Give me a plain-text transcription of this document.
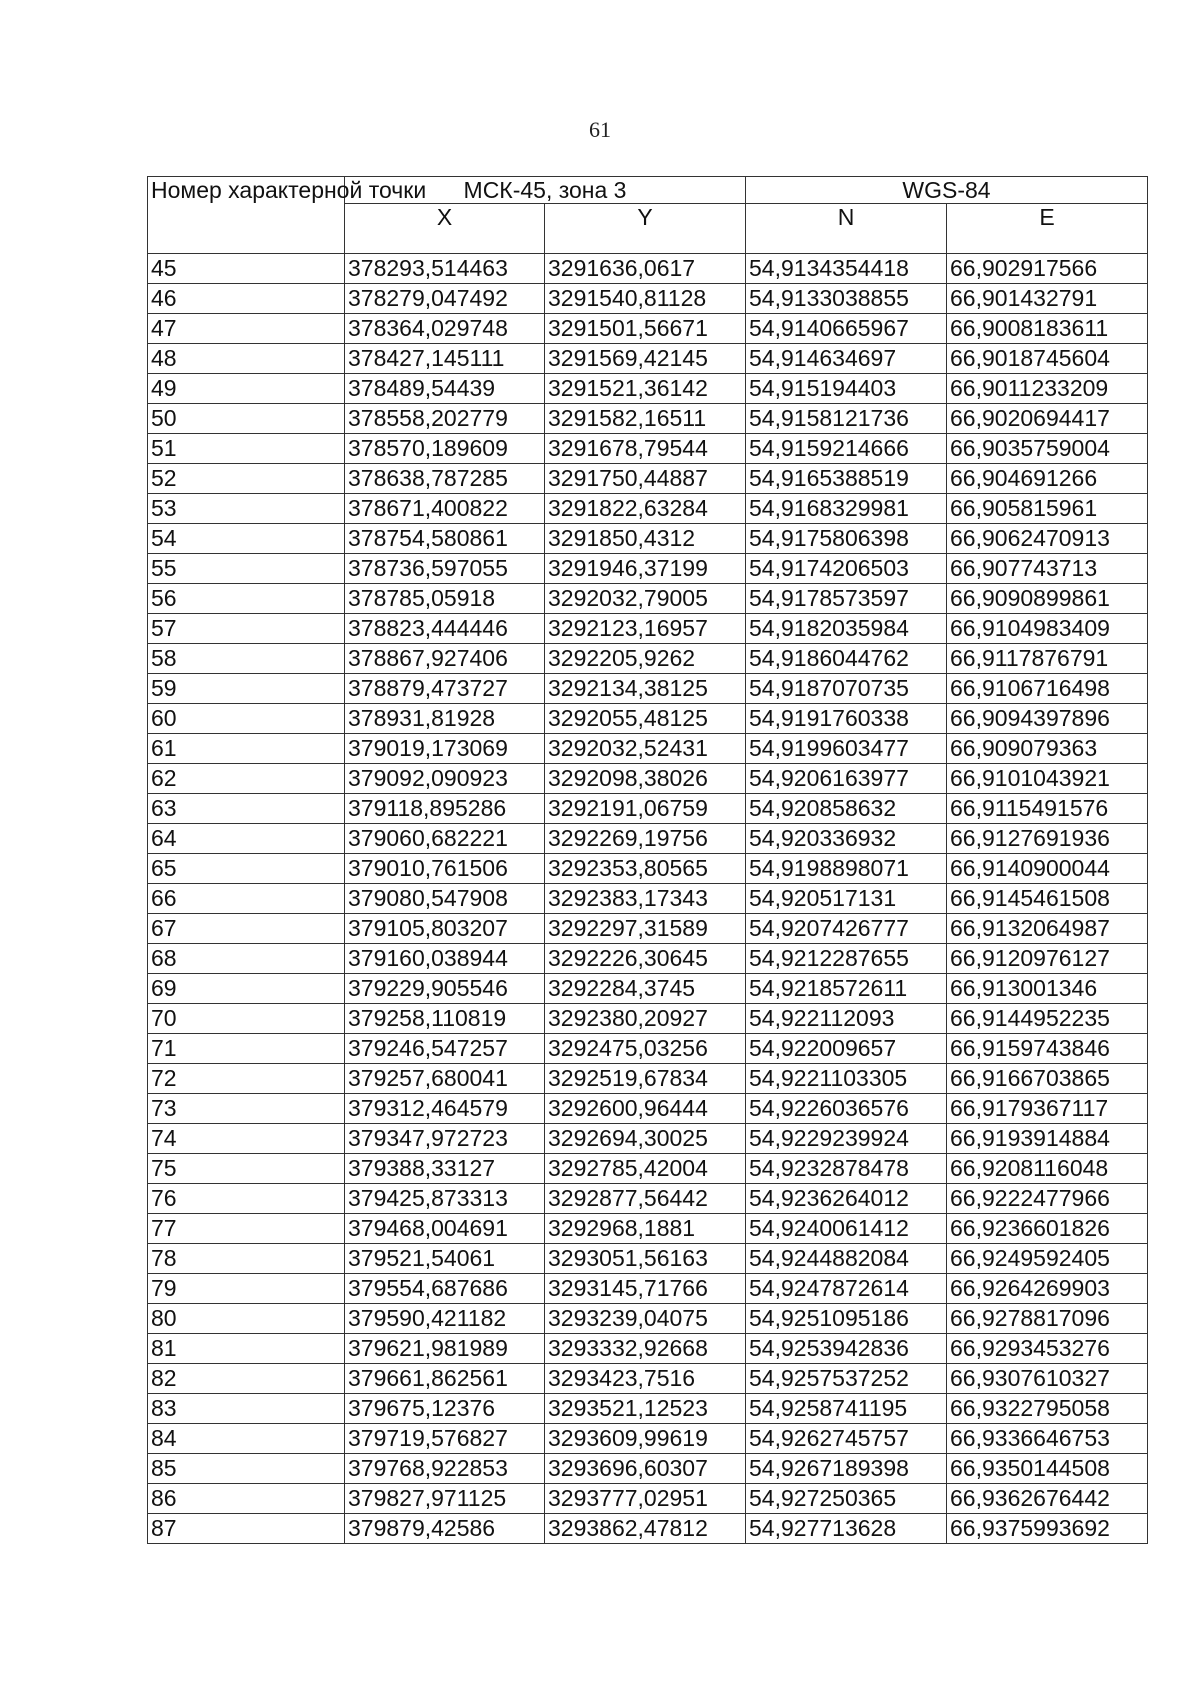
61
Номер характерной точки	МСК-45, зона 3		WGS-84	
	X	Y	N	E
45	378293,514463	3291636,0617	54,9134354418	66,902917566
46	378279,047492	3291540,81128	54,9133038855	66,901432791
47	378364,029748	3291501,56671	54,9140665967	66,9008183611
48	378427,145111	3291569,42145	54,914634697	66,9018745604
49	378489,54439	3291521,36142	54,915194403	66,9011233209
50	378558,202779	3291582,16511	54,9158121736	66,9020694417
51	378570,189609	3291678,79544	54,9159214666	66,9035759004
52	378638,787285	3291750,44887	54,9165388519	66,904691266
53	378671,400822	3291822,63284	54,9168329981	66,905815961
54	378754,580861	3291850,4312	54,9175806398	66,9062470913
55	378736,597055	3291946,37199	54,9174206503	66,907743713
56	378785,05918	3292032,79005	54,9178573597	66,9090899861
57	378823,444446	3292123,16957	54,9182035984	66,9104983409
58	378867,927406	3292205,9262	54,9186044762	66,9117876791
59	378879,473727	3292134,38125	54,9187070735	66,9106716498
60	378931,81928	3292055,48125	54,9191760338	66,9094397896
61	379019,173069	3292032,52431	54,9199603477	66,909079363
62	379092,090923	3292098,38026	54,9206163977	66,9101043921
63	379118,895286	3292191,06759	54,920858632	66,9115491576
64	379060,682221	3292269,19756	54,920336932	66,9127691936
65	379010,761506	3292353,80565	54,9198898071	66,9140900044
66	379080,547908	3292383,17343	54,920517131	66,9145461508
67	379105,803207	3292297,31589	54,9207426777	66,9132064987
68	379160,038944	3292226,30645	54,9212287655	66,9120976127
69	379229,905546	3292284,3745	54,9218572611	66,913001346
70	379258,110819	3292380,20927	54,922112093	66,9144952235
71	379246,547257	3292475,03256	54,922009657	66,9159743846
72	379257,680041	3292519,67834	54,9221103305	66,9166703865
73	379312,464579	3292600,96444	54,9226036576	66,9179367117
74	379347,972723	3292694,30025	54,9229239924	66,9193914884
75	379388,33127	3292785,42004	54,9232878478	66,9208116048
76	379425,873313	3292877,56442	54,9236264012	66,9222477966
77	379468,004691	3292968,1881	54,9240061412	66,9236601826
78	379521,54061	3293051,56163	54,9244882084	66,9249592405
79	379554,687686	3293145,71766	54,9247872614	66,9264269903
80	379590,421182	3293239,04075	54,9251095186	66,9278817096
81	379621,981989	3293332,92668	54,9253942836	66,9293453276
82	379661,862561	3293423,7516	54,9257537252	66,9307610327
83	379675,12376	3293521,12523	54,9258741195	66,9322795058
84	379719,576827	3293609,99619	54,9262745757	66,9336646753
85	379768,922853	3293696,60307	54,9267189398	66,9350144508
86	379827,971125	3293777,02951	54,927250365	66,9362676442
87	379879,42586	3293862,47812	54,927713628	66,9375993692
